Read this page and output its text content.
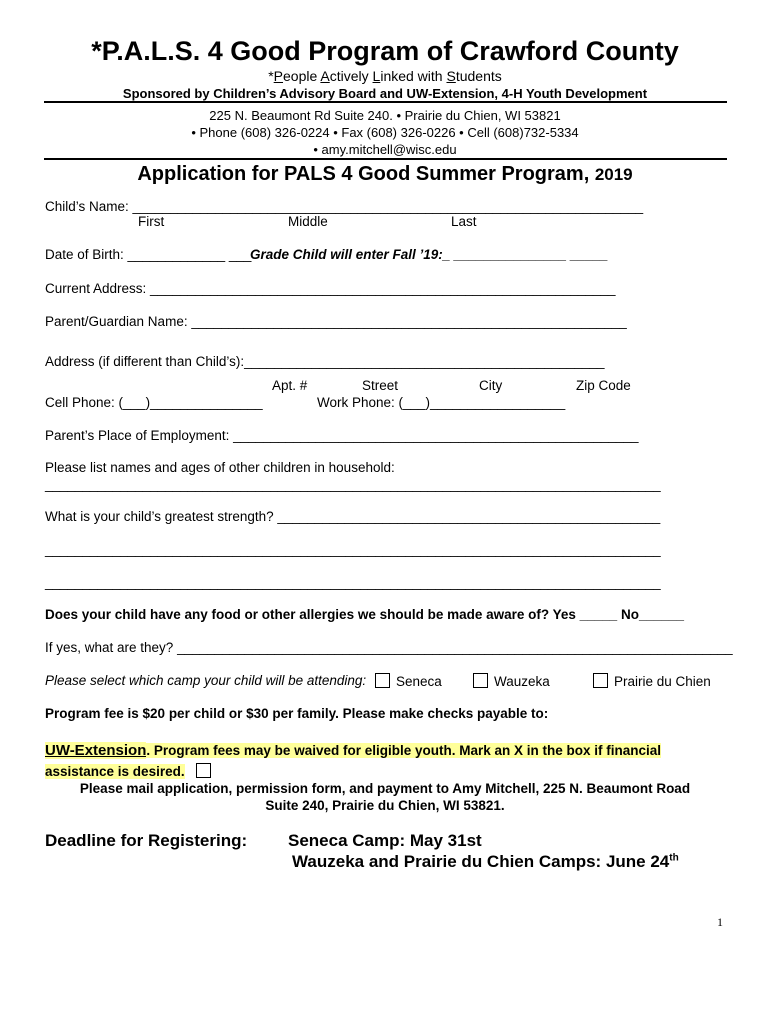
*P.A.L.S. 4 Good Program of Crawford County
*People Actively Linked with Students
Sponsored by Children’s Advisory Board and UW-Extension, 4-H Youth Development
225 N. Beaumont Rd Suite 240. • Prairie du Chien, WI 53821
• Phone (608) 326-0224 • Fax (608) 326-0226 • Cell (608)732-5334
• amy.mitchell@wisc.edu
Application for PALS 4 Good Summer Program, 2019
Child’s Name: ____________________________________________________________________
First	Middle	Last
Date of Birth: _____________ ___
Grade Child will enter Fall ’19:_ _______________ _____
Current Address: ______________________________________________________________
Parent/Guardian Name: __________________________________________________________
Address (if different than Child’s):________________________________________________
Apt. #	Street	City	Zip Code
Cell Phone: (___)_______________	Work Phone: (___)__________________
Parent’s Place of Employment: ______________________________________________________
Please list names and ages of other children in household:
__________________________________________________________________________________
What is your child’s greatest strength? ___________________________________________________
__________________________________________________________________________________
__________________________________________________________________________________
Does your child have any food or other allergies we should be made aware of? Yes _____ No______
If yes, what are they? __________________________________________________________________________
Please select which camp your child will be attending:	Seneca	Wauzeka	Prairie du Chien
Program fee is $20 per child or $30 per family. Please make checks payable to:
UW-Extension. Program fees may be waived for eligible youth. Mark an X in the box if financial
assistance is desired.
Please mail application, permission form, and payment to Amy Mitchell, 225 N. Beaumont Road
Suite 240, Prairie du Chien, WI 53821.
Deadline for Registering: Seneca Camp: May 31st
Wauzeka and Prairie du Chien Camps: June 24th
1
